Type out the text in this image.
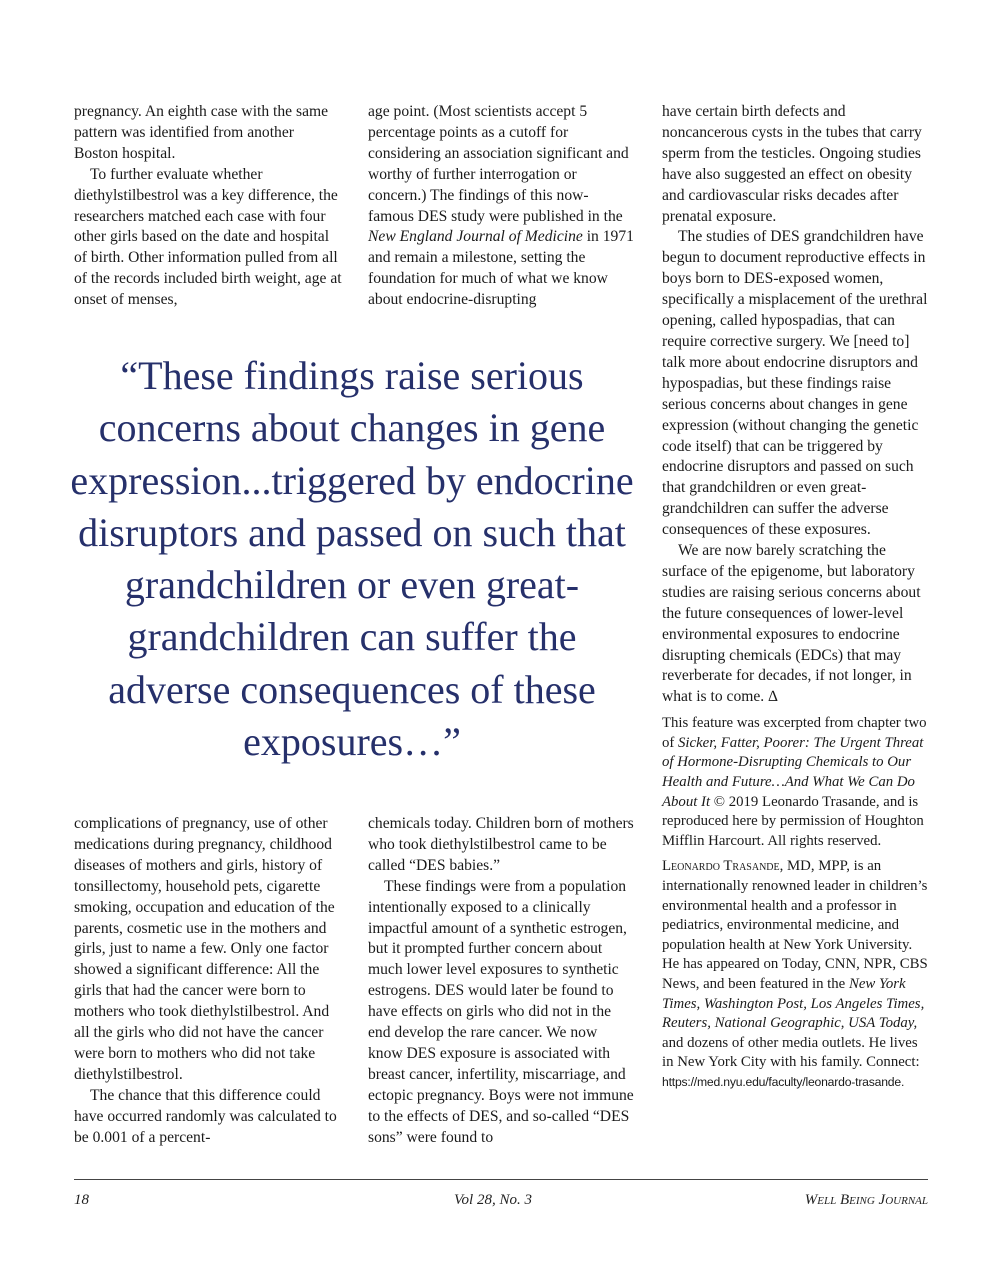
pregnancy. An eighth case with the same pattern was identified from another Boston hospital.

To further evaluate whether diethylstilbestrol was a key difference, the researchers matched each case with four other girls based on the date and hospital of birth. Other information pulled from all of the records included birth weight, age at onset of menses,

age point. (Most scientists accept 5 percentage points as a cutoff for considering an association significant and worthy of further interrogation or concern.) The findings of this now-famous DES study were published in the New England Journal of Medicine in 1971 and remain a milestone, setting the foundation for much of what we know about endocrine-disrupting

“These findings raise serious concerns about changes in gene expression...triggered by endocrine disruptors and passed on such that grandchildren or even great-grandchildren can suffer the adverse consequences of these exposures…”

complications of pregnancy, use of other medications during pregnancy, childhood diseases of mothers and girls, history of tonsillectomy, household pets, cigarette smoking, occupation and education of the parents, cosmetic use in the mothers and girls, just to name a few. Only one factor showed a significant difference: All the girls that had the cancer were born to mothers who took diethylstilbestrol. And all the girls who did not have the cancer were born to mothers who did not take diethylstilbestrol.

The chance that this difference could have occurred randomly was calculated to be 0.001 of a percent-

chemicals today. Children born of mothers who took diethylstilbestrol came to be called “DES babies.”

These findings were from a population intentionally exposed to a clinically impactful amount of a synthetic estrogen, but it prompted further concern about much lower level exposures to synthetic estrogens. DES would later be found to have effects on girls who did not in the end develop the rare cancer. We now know DES exposure is associated with breast cancer, infertility, miscarriage, and ectopic pregnancy. Boys were not immune to the effects of DES, and so-called “DES sons” were found to

have certain birth defects and noncancerous cysts in the tubes that carry sperm from the testicles. Ongoing studies have also suggested an effect on obesity and cardiovascular risks decades after prenatal exposure.

The studies of DES grandchildren have begun to document reproductive effects in boys born to DES-exposed women, specifically a misplacement of the urethral opening, called hypospadias, that can require corrective surgery. We [need to] talk more about endocrine disruptors and hypospadias, but these findings raise serious concerns about changes in gene expression (without changing the genetic code itself) that can be triggered by endocrine disruptors and passed on such that grandchildren or even great-grandchildren can suffer the adverse consequences of these exposures.

We are now barely scratching the surface of the epigenome, but laboratory studies are raising serious concerns about the future consequences of lower-level environmental exposures to endocrine disrupting chemicals (EDCs) that may reverberate for decades, if not longer, in what is to come. ∆

This feature was excerpted from chapter two of Sicker, Fatter, Poorer: The Urgent Threat of Hormone-Disrupting Chemicals to Our Health and Future…And What We Can Do About It © 2019 Leonardo Trasande, and is reproduced here by permission of Houghton Mifflin Harcourt. All rights reserved.

Leonardo Trasande, MD, MPP, is an internationally renowned leader in children’s environmental health and a professor in pediatrics, environmental medicine, and population health at New York University. He has appeared on Today, CNN, NPR, CBS News, and been featured in the New York Times, Washington Post, Los Angeles Times, Reuters, National Geographic, USA Today, and dozens of other media outlets. He lives in New York City with his family. Connect: https://med.nyu.edu/faculty/leonardo-trasande.

18	Vol 28, No. 3	Well Being Journal
